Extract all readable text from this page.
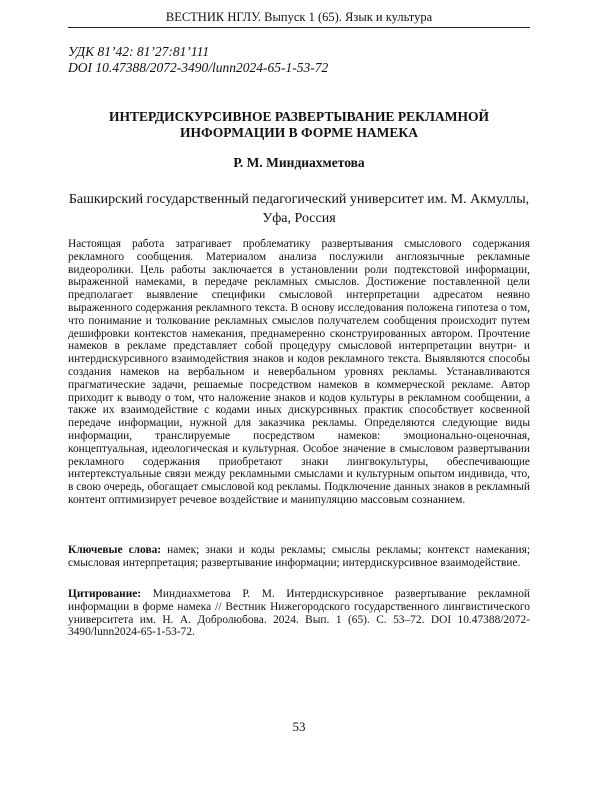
ВЕСТНИК НГЛУ. Выпуск 1 (65). Язык и культура
УДК 81’42: 81’27:81’111
DOI 10.47388/2072-3490/lunn2024-65-1-53-72
ИНТЕРДИСКУРСИВНОЕ РАЗВЕРТЫВАНИЕ РЕКЛАМНОЙ
ИНФОРМАЦИИ В ФОРМЕ НАМЕКА
Р. М. Миндиахметова
Башкирский государственный педагогический университет им. М. Акмуллы,
Уфа, Россия

Настоящая работа затрагивает проблематику развертывания смыслового содержания рекламного сообщения. Материалом анализа послужили англоязычные рекламные видеоролики. Цель работы заключается в установлении роли подтекстовой информации, выраженной намеками, в передаче рекламных смыслов. Достижение поставленной цели предполагает выявление специфики смысловой интерпретации адресатом неявно выраженного содержания рекламного текста. В основу исследования положена гипотеза о том, что понимание и толкование рекламных смыслов получателем сообщения происходит путем дешифровки контекстов намекания, преднамеренно сконструированных автором. Прочтение намеков в рекламе представляет собой процедуру смысловой интерпретации внутри- и интердискурсивного взаимодействия знаков и кодов рекламного текста. Выявляются способы создания намеков на вербальном и невербальном уровнях рекламы. Устанавливаются прагматические задачи, решаемые посредством намеков в коммерческой рекламе. Автор приходит к выводу о том, что наложение знаков и кодов культуры в рекламном сообщении, а также их взаимодействие с кодами иных дискурсивных практик способствует косвенной передаче информации, нужной для заказчика рекламы. Определяются следующие виды информации, транслируемые посредством намеков: эмоционально-оценочная, концептуальная, идеологическая и культурная. Особое значение в смысловом развертывании рекламного содержания приобретают знаки лингвокультуры, обеспечивающие интертекстуальные связи между рекламными смыслами и культурным опытом индивида, что, в свою очередь, обогащает смысловой код рекламы. Подключение данных знаков в рекламный контент оптимизирует речевое воздействие и манипуляцию массовым сознанием.

Ключевые слова: намек; знаки и коды рекламы; смыслы рекламы; контекст намекания; смысловая интерпретация; развертывание информации; интердискурсивное взаимодействие.
Цитирование: Миндиахметова Р. М. Интердискурсивное развертывание рекламной информации в форме намека // Вестник Нижегородского государственного лингвистического университета им. Н. А. Добролюбова. 2024. Вып. 1 (65). С. 53–72. DOI 10.47388/2072-3490/lunn2024-65-1-53-72.
53
